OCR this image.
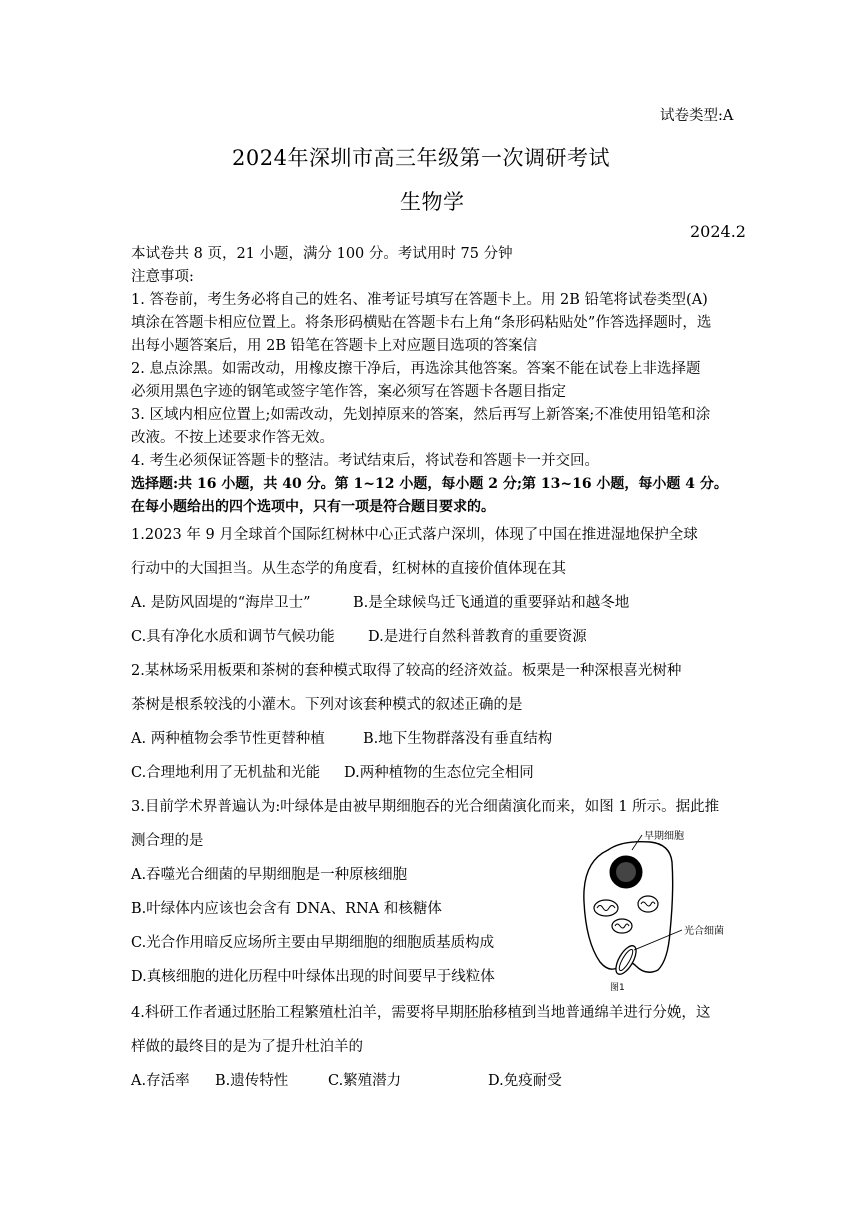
试卷类型:A
2024年深圳市高三年级第一次调研考试
生物学
2024.2
本试卷共 8 页，21 小题，满分 100 分。考试用时 75 分钟
注意事项:
1. 答卷前，考生务必将自己的姓名、准考证号填写在答题卡上。用 2B 铅笔将试卷类型(A)
填涂在答题卡相应位置上。将条形码横贴在答题卡右上角“条形码粘贴处”作答选择题时，选
出每小题答案后，用 2B 铅笔在答题卡上对应题目选项的答案信
2. 息点涂黑。如需改动，用橡皮擦干净后，再选涂其他答案。答案不能在试卷上非选择题
必须用黑色字迹的钢笔或签字笔作答，案必须写在答题卡各题目指定
3. 区域内相应位置上;如需改动，先划掉原来的答案，然后再写上新答案;不准使用铅笔和涂
改液。不按上述要求作答无效。
4. 考生必须保证答题卡的整洁。考试结束后，将试卷和答题卡一并交回。
选择题:共 16 小题，共 40 分。第 1~12 小题，每小题 2 分;第 13~16 小题，每小题 4 分。
在每小题给出的四个选项中，只有一项是符合题目要求的。
1.2023 年 9 月全球首个国际红树林中心正式落户深圳，体现了中国在推进湿地保护全球
行动中的大国担当。从生态学的角度看，红树林的直接价值体现在其
A. 是防风固堤的“海岸卫士”	B.是全球候鸟迁飞通道的重要驿站和越冬地
C.具有净化水质和调节气候功能 D.是进行自然科普教育的重要资源
2.某林场采用板栗和茶树的套种模式取得了较高的经济效益。板栗是一种深根喜光树种
茶树是根系较浅的小灌木。下列对该套种模式的叙述正确的是
A. 两种植物会季节性更替种植	B.地下生物群落没有垂直结构
C.合理地利用了无机盐和光能 D.两种植物的生态位完全相同
3.目前学术界普遍认为:叶绿体是由被早期细胞吞的光合细菌演化而来，如图 1 所示。据此推
测合理的是
A.吞噬光合细菌的早期细胞是一种原核细胞
B.叶绿体内应该也会含有 DNA、RNA 和核糖体
C.光合作用暗反应场所主要由早期细胞的细胞质基质构成
D.真核细胞的进化历程中叶绿体出现的时间要早于线粒体
早期细胞
光合细菌
图1
4.科研工作者通过胚胎工程繁殖杜泊羊，需要将早期胚胎移植到当地普通绵羊进行分娩，这
样做的最终目的是为了提升杜泊羊的
A.存活率 B.遗传特性	C.繁殖潜力	D.免疫耐受
